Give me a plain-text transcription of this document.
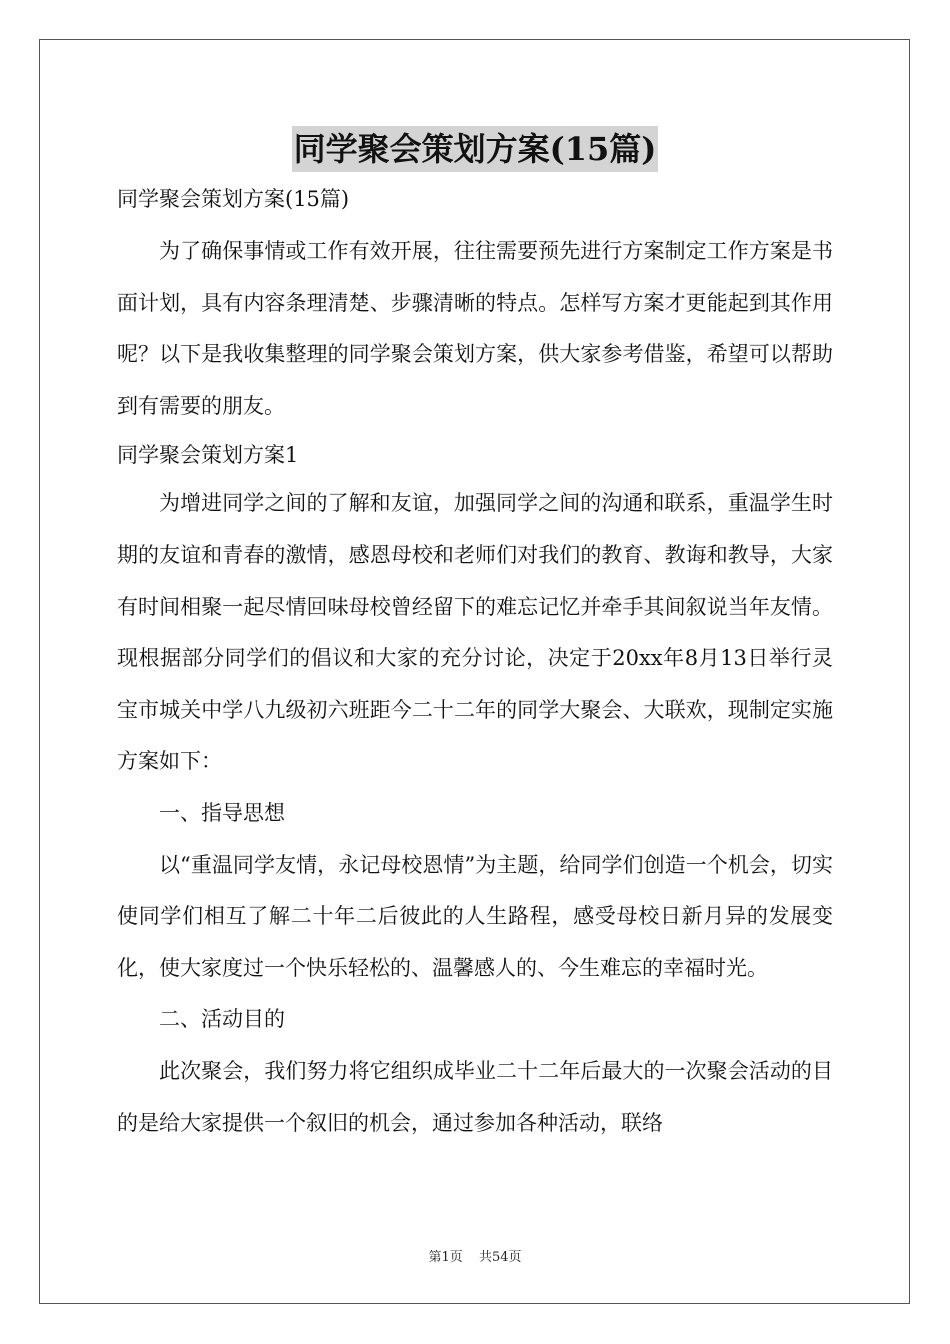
同学聚会策划方案(15篇)

同学聚会策划方案(15篇)

为了确保事情或工作有效开展，往往需要预先进行方案制定工作方案是书面计划，具有内容条理清楚、步骤清晰的特点。怎样写方案才更能起到其作用呢？以下是我收集整理的同学聚会策划方案，供大家参考借鉴，希望可以帮助到有需要的朋友。

同学聚会策划方案1

为增进同学之间的了解和友谊，加强同学之间的沟通和联系，重温学生时期的友谊和青春的激情，感恩母校和老师们对我们的教育、教诲和教导，大家有时间相聚一起尽情回味母校曾经留下的难忘记忆并牵手其间叙说当年友情。现根据部分同学们的倡议和大家的充分讨论，决定于20xx年8月13日举行灵宝市城关中学八九级初六班距今二十二年的同学大聚会、大联欢，现制定实施方案如下：

一、指导思想

以“重温同学友情，永记母校恩情”为主题，给同学们创造一个机会，切实使同学们相互了解二十年二后彼此的人生路程，感受母校日新月异的发展变化，使大家度过一个快乐轻松的、温馨感人的、今生难忘的幸福时光。

二、活动目的

此次聚会，我们努力将它组织成毕业二十二年后最大的一次聚会活动的目的是给大家提供一个叙旧的机会，通过参加各种活动，联络

第1页 共54页
